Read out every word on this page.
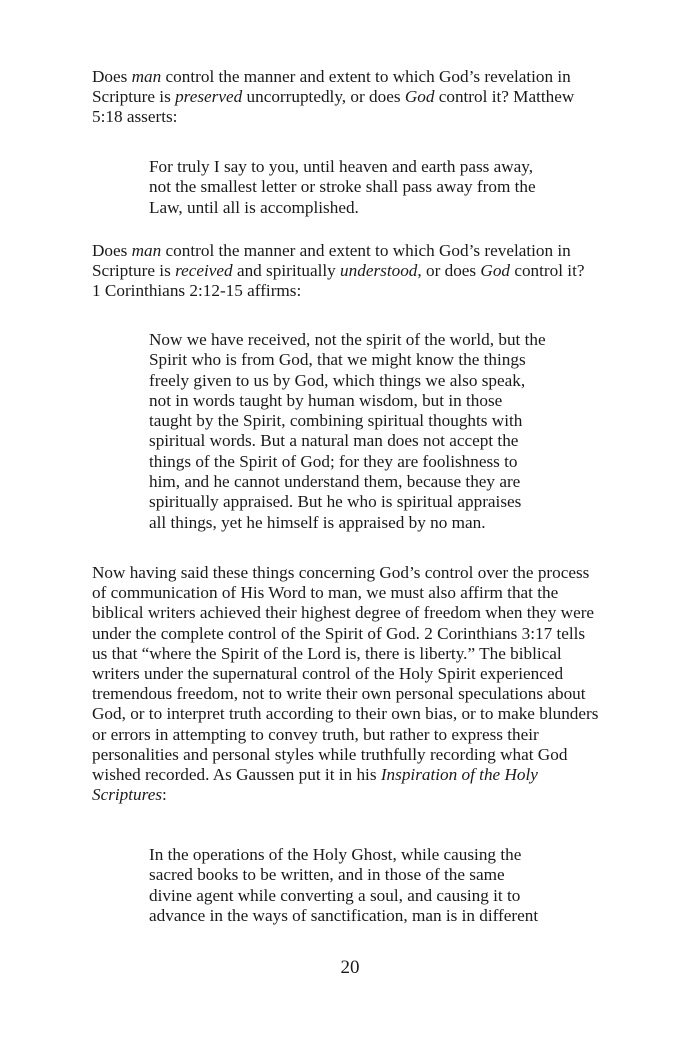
Does man control the manner and extent to which God’s revelation in
Scripture is preserved uncorruptedly, or does God control it? Matthew
5:18 asserts:
For truly I say to you, until heaven and earth pass away,
not the smallest letter or stroke shall pass away from the
Law, until all is accomplished.
Does man control the manner and extent to which God’s revelation in
Scripture is received and spiritually understood, or does God control it?
1 Corinthians 2:12-15 affirms:
Now we have received, not the spirit of the world, but the
Spirit who is from God, that we might know the things
freely given to us by God, which things we also speak,
not in words taught by human wisdom, but in those
taught by the Spirit, combining spiritual thoughts with
spiritual words. But a natural man does not accept the
things of the Spirit of God; for they are foolishness to
him, and he cannot understand them, because they are
spiritually appraised. But he who is spiritual appraises
all things, yet he himself is appraised by no man.
Now having said these things concerning God’s control over the process
of communication of His Word to man, we must also affirm that the
biblical writers achieved their highest degree of freedom when they were
under the complete control of the Spirit of God. 2 Corinthians 3:17 tells
us that “where the Spirit of the Lord is, there is liberty.” The biblical
writers under the supernatural control of the Holy Spirit experienced
tremendous freedom, not to write their own personal speculations about
God, or to interpret truth according to their own bias, or to make blunders
or errors in attempting to convey truth, but rather to express their
personalities and personal styles while truthfully recording what God
wished recorded. As Gaussen put it in his Inspiration of the Holy
Scriptures:
In the operations of the Holy Ghost, while causing the
sacred books to be written, and in those of the same
divine agent while converting a soul, and causing it to
advance in the ways of sanctification, man is in different
20
